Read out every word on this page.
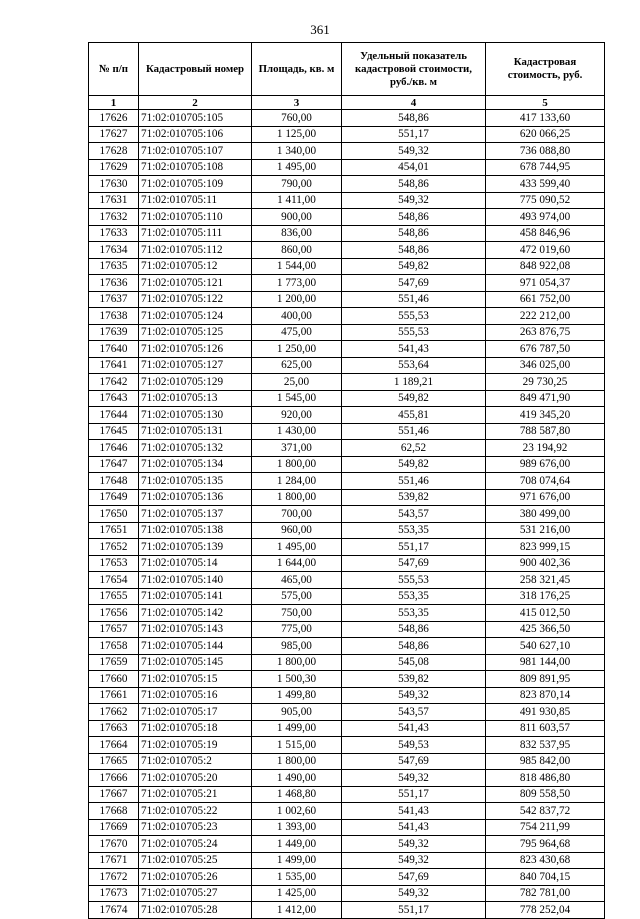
361
№ п/п	Кадастровый номер	Площадь, кв. м	Удельный показатель кадастровой стоимости, руб./кв. м	Кадастровая стоимость, руб.
1	2	3	4	5
17626	71:02:010705:105	760,00	548,86	417 133,60
17627	71:02:010705:106	1 125,00	551,17	620 066,25
17628	71:02:010705:107	1 340,00	549,32	736 088,80
17629	71:02:010705:108	1 495,00	454,01	678 744,95
17630	71:02:010705:109	790,00	548,86	433 599,40
17631	71:02:010705:11	1 411,00	549,32	775 090,52
17632	71:02:010705:110	900,00	548,86	493 974,00
17633	71:02:010705:111	836,00	548,86	458 846,96
17634	71:02:010705:112	860,00	548,86	472 019,60
17635	71:02:010705:12	1 544,00	549,82	848 922,08
17636	71:02:010705:121	1 773,00	547,69	971 054,37
17637	71:02:010705:122	1 200,00	551,46	661 752,00
17638	71:02:010705:124	400,00	555,53	222 212,00
17639	71:02:010705:125	475,00	555,53	263 876,75
17640	71:02:010705:126	1 250,00	541,43	676 787,50
17641	71:02:010705:127	625,00	553,64	346 025,00
17642	71:02:010705:129	25,00	1 189,21	29 730,25
17643	71:02:010705:13	1 545,00	549,82	849 471,90
17644	71:02:010705:130	920,00	455,81	419 345,20
17645	71:02:010705:131	1 430,00	551,46	788 587,80
17646	71:02:010705:132	371,00	62,52	23 194,92
17647	71:02:010705:134	1 800,00	549,82	989 676,00
17648	71:02:010705:135	1 284,00	551,46	708 074,64
17649	71:02:010705:136	1 800,00	539,82	971 676,00
17650	71:02:010705:137	700,00	543,57	380 499,00
17651	71:02:010705:138	960,00	553,35	531 216,00
17652	71:02:010705:139	1 495,00	551,17	823 999,15
17653	71:02:010705:14	1 644,00	547,69	900 402,36
17654	71:02:010705:140	465,00	555,53	258 321,45
17655	71:02:010705:141	575,00	553,35	318 176,25
17656	71:02:010705:142	750,00	553,35	415 012,50
17657	71:02:010705:143	775,00	548,86	425 366,50
17658	71:02:010705:144	985,00	548,86	540 627,10
17659	71:02:010705:145	1 800,00	545,08	981 144,00
17660	71:02:010705:15	1 500,30	539,82	809 891,95
17661	71:02:010705:16	1 499,80	549,32	823 870,14
17662	71:02:010705:17	905,00	543,57	491 930,85
17663	71:02:010705:18	1 499,00	541,43	811 603,57
17664	71:02:010705:19	1 515,00	549,53	832 537,95
17665	71:02:010705:2	1 800,00	547,69	985 842,00
17666	71:02:010705:20	1 490,00	549,32	818 486,80
17667	71:02:010705:21	1 468,80	551,17	809 558,50
17668	71:02:010705:22	1 002,60	541,43	542 837,72
17669	71:02:010705:23	1 393,00	541,43	754 211,99
17670	71:02:010705:24	1 449,00	549,32	795 964,68
17671	71:02:010705:25	1 499,00	549,32	823 430,68
17672	71:02:010705:26	1 535,00	547,69	840 704,15
17673	71:02:010705:27	1 425,00	549,32	782 781,00
17674	71:02:010705:28	1 412,00	551,17	778 252,04
